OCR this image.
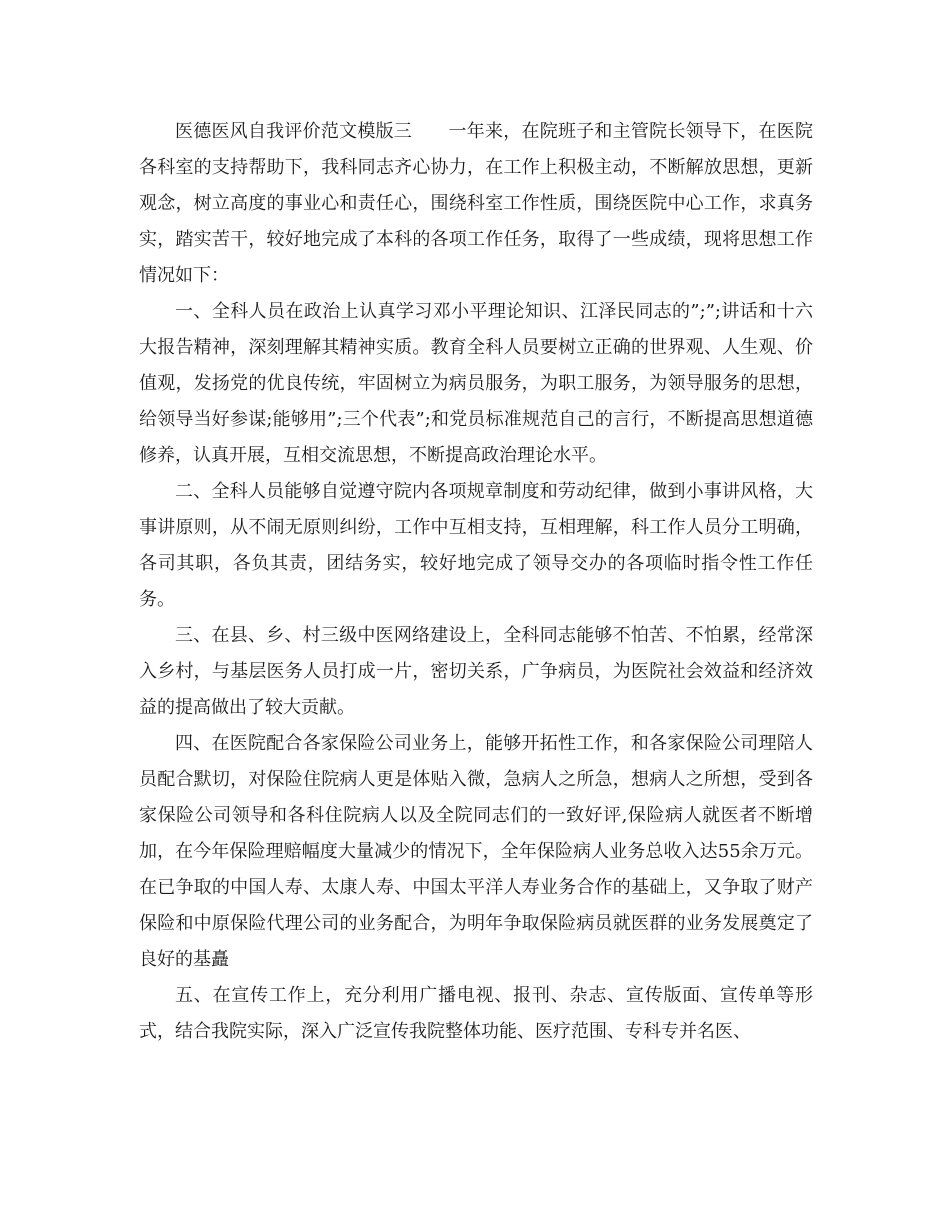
医德医风自我评价范文模版三　　一年来，在院班子和主管院长领导下，在医院各科室的支持帮助下，我科同志齐心协力，在工作上积极主动，不断解放思想，更新观念，树立高度的事业心和责任心，围绕科室工作性质，围绕医院中心工作，求真务实，踏实苦干，较好地完成了本科的各项工作任务，取得了一些成绩，现将思想工作情况如下：

一、全科人员在政治上认真学习邓小平理论知识、江泽民同志的”;”;讲话和十六大报告精神，深刻理解其精神实质。教育全科人员要树立正确的世界观、人生观、价值观，发扬党的优良传统，牢固树立为病员服务，为职工服务，为领导服务的思想，给领导当好参谋;能够用”;三个代表”;和党员标准规范自己的言行，不断提高思想道德修养，认真开展，互相交流思想，不断提高政治理论水平。

二、全科人员能够自觉遵守院内各项规章制度和劳动纪律，做到小事讲风格，大事讲原则，从不闹无原则纠纷，工作中互相支持，互相理解，科工作人员分工明确，各司其职，各负其责，团结务实，较好地完成了领导交办的各项临时指令性工作任务。

三、在县、乡、村三级中医网络建设上，全科同志能够不怕苦、不怕累，经常深入乡村，与基层医务人员打成一片，密切关系，广争病员，为医院社会效益和经济效益的提高做出了较大贡献。

四、在医院配合各家保险公司业务上，能够开拓性工作，和各家保险公司理陪人员配合默切，对保险住院病人更是体贴入微，急病人之所急，想病人之所想，受到各家保险公司领导和各科住院病人以及全院同志们的一致好评,保险病人就医者不断增加，在今年保险理赔幅度大量减少的情况下，全年保险病人业务总收入达55余万元。在已争取的中国人寿、太康人寿、中国太平洋人寿业务合作的基础上，又争取了财产保险和中原保险代理公司的业务配合，为明年争取保险病员就医群的业务发展奠定了良好的基矗

五、在宣传工作上，充分利用广播电视、报刊、杂志、宣传版面、宣传单等形式，结合我院实际，深入广泛宣传我院整体功能、医疗范围、专科专并名医、
